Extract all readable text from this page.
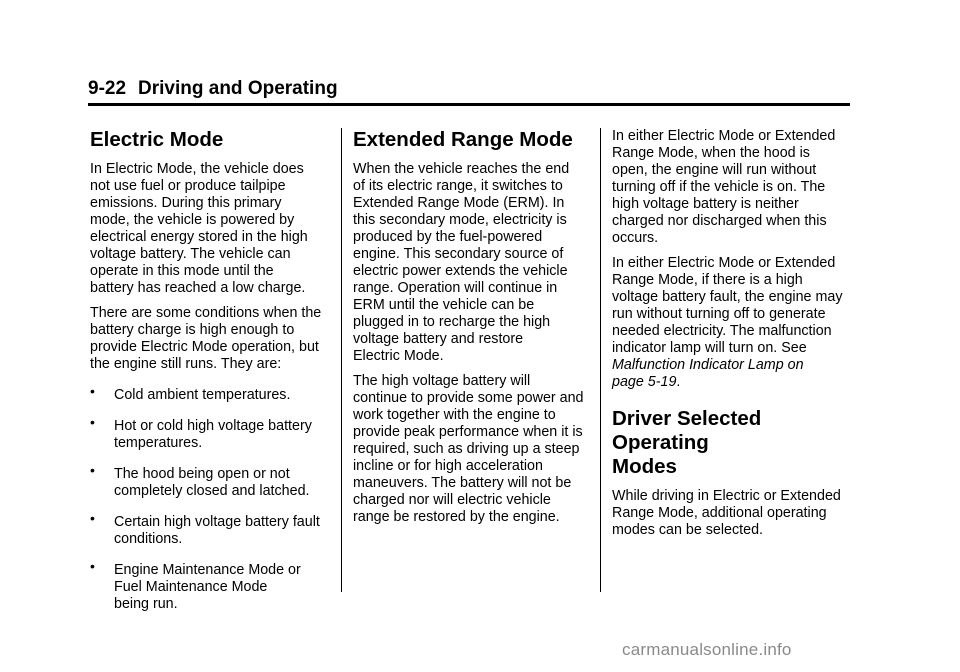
9-22 Driving and Operating
Electric Mode

In Electric Mode, the vehicle does
not use fuel or produce tailpipe
emissions. During this primary
mode, the vehicle is powered by
electrical energy stored in the high
voltage battery. The vehicle can
operate in this mode until the
battery has reached a low charge.

There are some conditions when the
battery charge is high enough to
provide Electric Mode operation, but
the engine still runs. They are:

• Cold ambient temperatures.
• Hot or cold high voltage battery
temperatures.
• The hood being open or not
completely closed and latched.
• Certain high voltage battery fault
conditions.
• Engine Maintenance Mode or
Fuel Maintenance Mode
being run.
Extended Range Mode

When the vehicle reaches the end
of its electric range, it switches to
Extended Range Mode (ERM). In
this secondary mode, electricity is
produced by the fuel-powered
engine. This secondary source of
electric power extends the vehicle
range. Operation will continue in
ERM until the vehicle can be
plugged in to recharge the high
voltage battery and restore
Electric Mode.

The high voltage battery will
continue to provide some power and
work together with the engine to
provide peak performance when it is
required, such as driving up a steep
incline or for high acceleration
maneuvers. The battery will not be
charged nor will electric vehicle
range be restored by the engine.

In either Electric Mode or Extended
Range Mode, when the hood is
open, the engine will run without
turning off if the vehicle is on. The
high voltage battery is neither
charged nor discharged when this
occurs.

In either Electric Mode or Extended
Range Mode, if there is a high
voltage battery fault, the engine may
run without turning off to generate
needed electricity. The malfunction
indicator lamp will turn on. See
Malfunction Indicator Lamp on
page 5-19.

Driver Selected Operating
Modes

While driving in Electric or Extended
Range Mode, additional operating
modes can be selected.

carmanualsonline.info
